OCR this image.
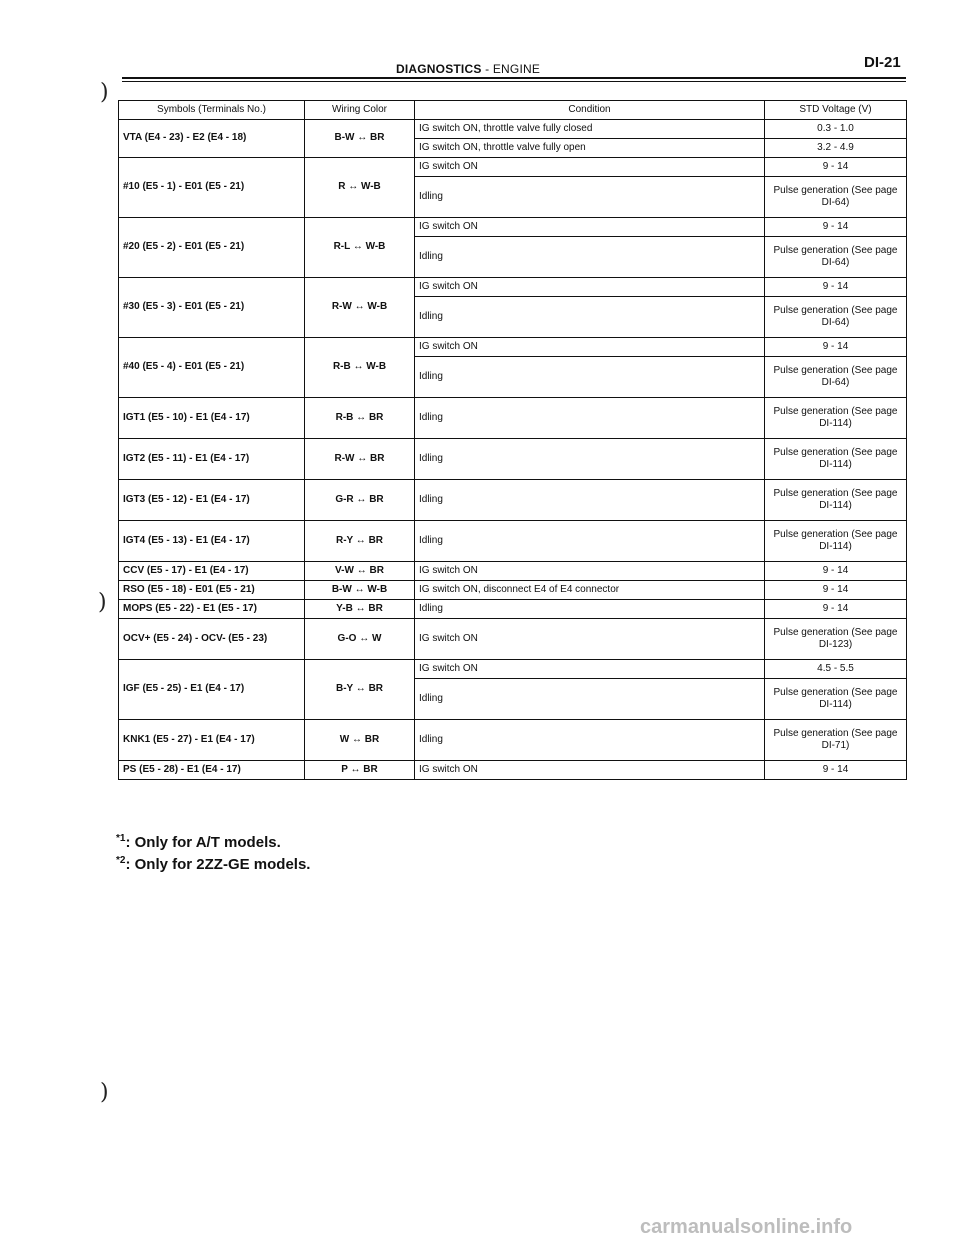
)
)
)
DIAGNOSTICS - ENGINE	DI-21
Symbols (Terminals No.)	Wiring Color	Condition	STD Voltage (V)
VTA (E4 - 23) - E2 (E4 - 18)	B-W ↔ BR	IG switch ON, throttle valve fully closed	0.3 - 1.0
		IG switch ON, throttle valve fully open	3.2 - 4.9
#10 (E5 - 1) - E01 (E5 - 21)	R ↔ W-B	IG switch ON	9 - 14
		Idling	Pulse generation (See page DI-64)
#20 (E5 - 2) - E01 (E5 - 21)	R-L ↔ W-B	IG switch ON	9 - 14
		Idling	Pulse generation (See page DI-64)
#30 (E5 - 3) - E01 (E5 - 21)	R-W ↔ W-B	IG switch ON	9 - 14
		Idling	Pulse generation (See page DI-64)
#40 (E5 - 4) - E01 (E5 - 21)	R-B ↔ W-B	IG switch ON	9 - 14
		Idling	Pulse generation (See page DI-64)
IGT1 (E5 - 10) - E1 (E4 - 17)	R-B ↔ BR	Idling	Pulse generation (See page DI-114)
IGT2 (E5 - 11) - E1 (E4 - 17)	R-W ↔ BR	Idling	Pulse generation (See page DI-114)
IGT3 (E5 - 12) - E1 (E4 - 17)	G-R ↔ BR	Idling	Pulse generation (See page DI-114)
IGT4 (E5 - 13) - E1 (E4 - 17)	R-Y ↔ BR	Idling	Pulse generation (See page DI-114)
CCV (E5 - 17) - E1 (E4 - 17)	V-W ↔ BR	IG switch ON	9 - 14
RSO (E5 - 18) - E01 (E5 - 21)	B-W ↔ W-B	IG switch ON, disconnect E4 of E4 connector	9 - 14
MOPS (E5 - 22) - E1 (E5 - 17)	Y-B ↔ BR	Idling	9 - 14
OCV+ (E5 - 24) - OCV- (E5 - 23)	G-O ↔ W	IG switch ON	Pulse generation (See page DI-123)
IGF (E5 - 25) - E1 (E4 - 17)	B-Y ↔ BR	IG switch ON	4.5 - 5.5
		Idling	Pulse generation (See page DI-114)
KNK1 (E5 - 27) - E1 (E4 - 17)	W ↔ BR	Idling	Pulse generation (See page DI-71)
PS (E5 - 28) - E1 (E4 - 17)	P ↔ BR	IG switch ON	9 - 14
$^{*1}$: Only for A/T models.
$^{*2}$: Only for 2ZZ-GE models.
carmanualsonline.info
